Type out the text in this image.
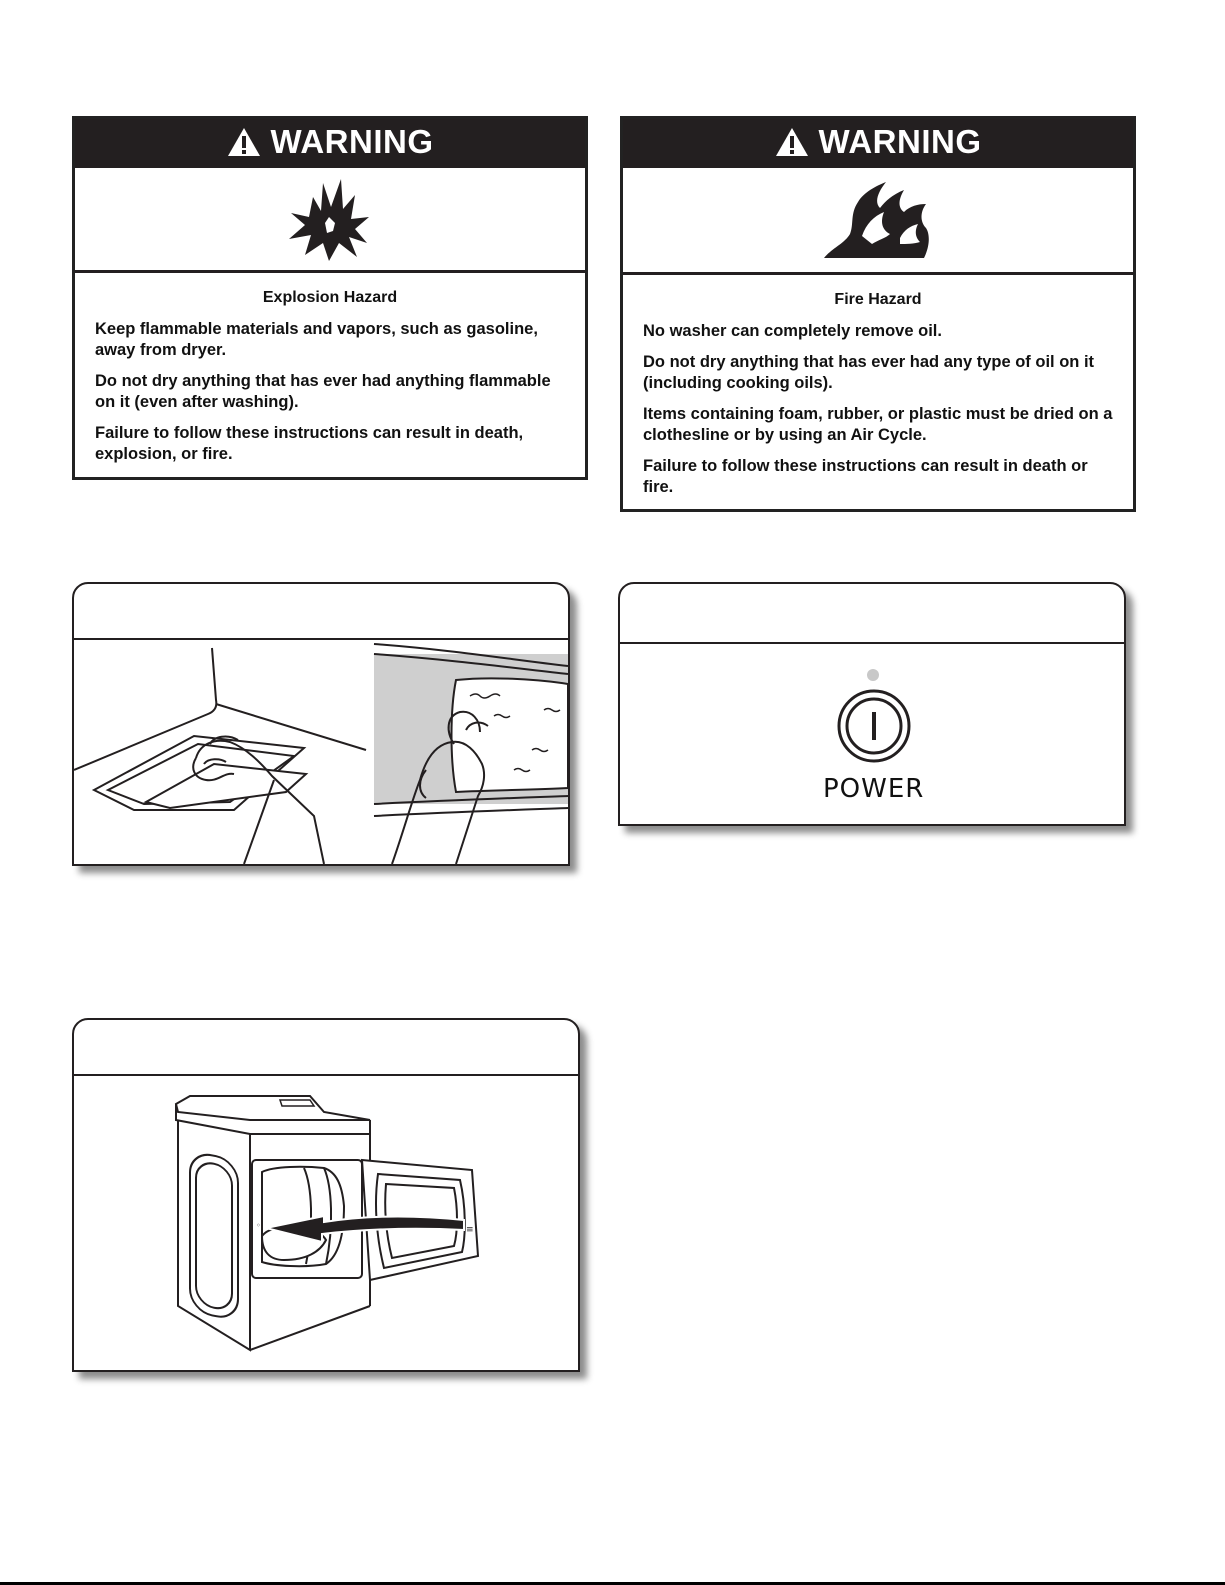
WARNING
Explosion Hazard

Keep flammable materials and vapors, such as gasoline, away from dryer.

Do not dry anything that has ever had anything flammable on it (even after washing).

Failure to follow these instructions can result in death, explosion, or fire.

WARNING
Fire Hazard

No washer can completely remove oil.

Do not dry anything that has ever had any type of oil on it (including cooking oils).

Items containing foam, rubber, or plastic must be dried on a clothesline or by using an Air Cycle.

Failure to follow these instructions can result in death or fire.

POWER
≡
◦
